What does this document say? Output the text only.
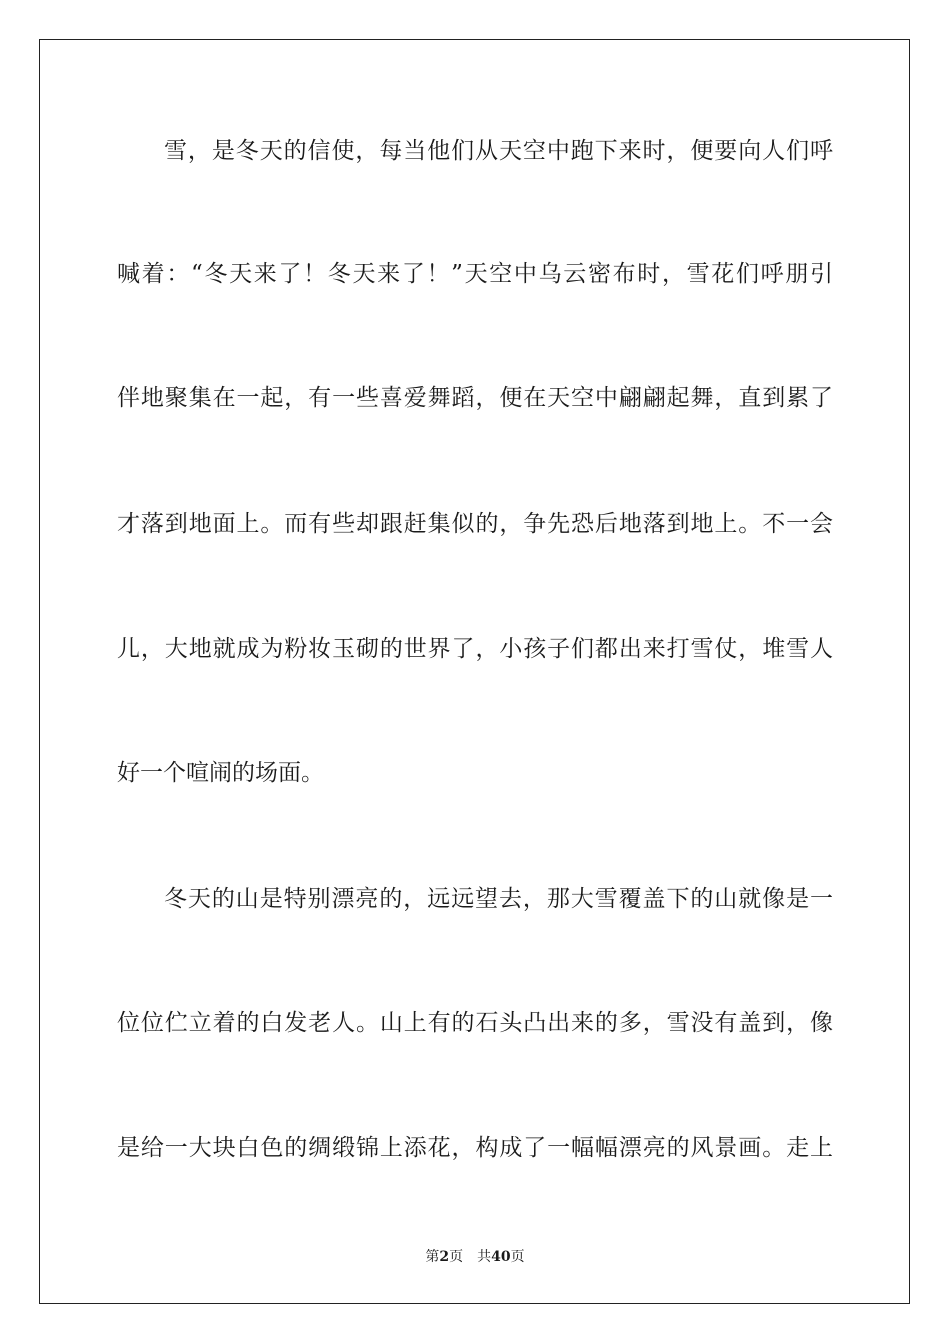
雪，是冬天的信使，每当他们从天空中跑下来时，便要向人们呼
喊着：“冬天来了！冬天来了！”天空中乌云密布时，雪花们呼朋引
伴地聚集在一起，有一些喜爱舞蹈，便在天空中翩翩起舞，直到累了
才落到地面上。而有些却跟赶集似的，争先恐后地落到地上。不一会
儿，大地就成为粉妆玉砌的世界了，小孩子们都出来打雪仗，堆雪人
好一个喧闹的场面。
冬天的山是特别漂亮的，远远望去，那大雪覆盖下的山就像是一
位位伫立着的白发老人。山上有的石头凸出来的多，雪没有盖到，像
是给一大块白色的绸缎锦上添花，构成了一幅幅漂亮的风景画。走上
第2页 共40页
